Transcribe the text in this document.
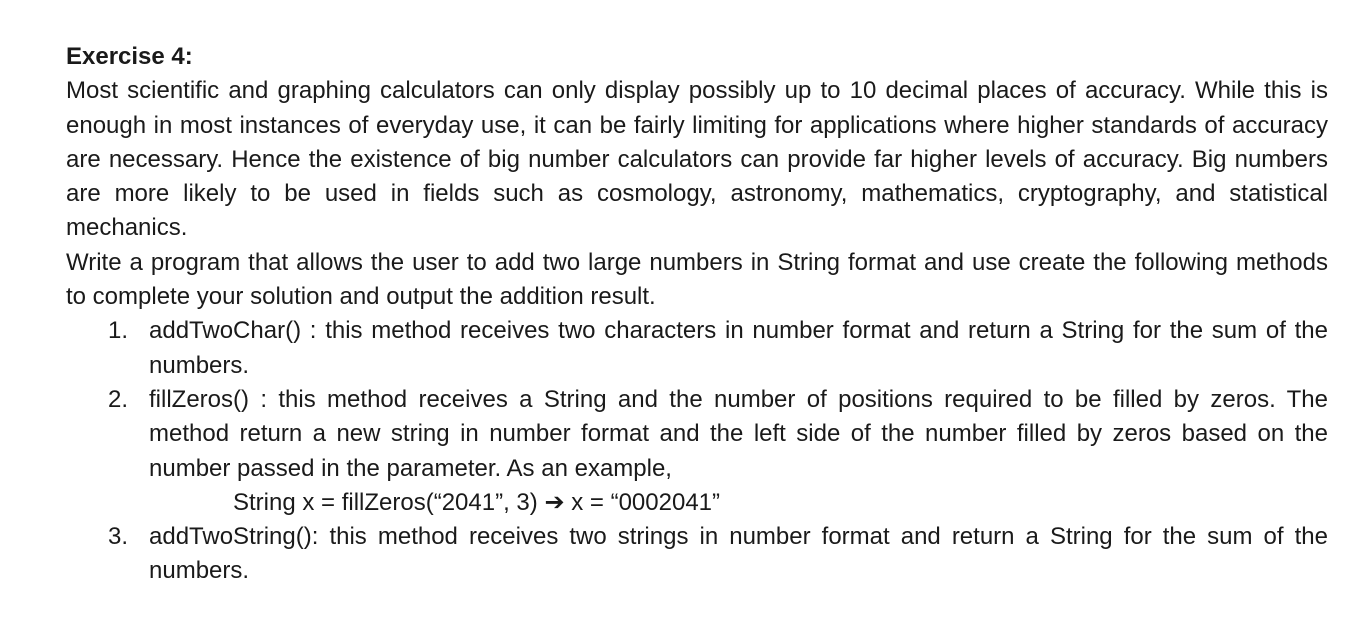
Exercise 4:

Most scientific and graphing calculators can only display possibly up to 10 decimal places of accuracy. While this is enough in most instances of everyday use, it can be fairly limiting for applications where higher standards of accuracy are necessary. Hence the existence of big number calculators can provide far higher levels of accuracy. Big numbers are more likely to be used in fields such as cosmology, astronomy, mathematics, cryptography, and statistical mechanics.

Write a program that allows the user to add two large numbers in String format and use create the following methods to complete your solution and output the addition result.

1. addTwoChar() : this method receives two characters in number format and return a String for the sum of the numbers.
2. fillZeros() : this method receives a String and the number of positions required to be filled by zeros. The method return a new string in number format and the left side of the number filled by zeros based on the number passed in the parameter. As an example,
String x = fillZeros(“2041”, 3) ➔ x = “0002041”
3. addTwoString(): this method receives two strings in number format and return a String for the sum of the numbers.
